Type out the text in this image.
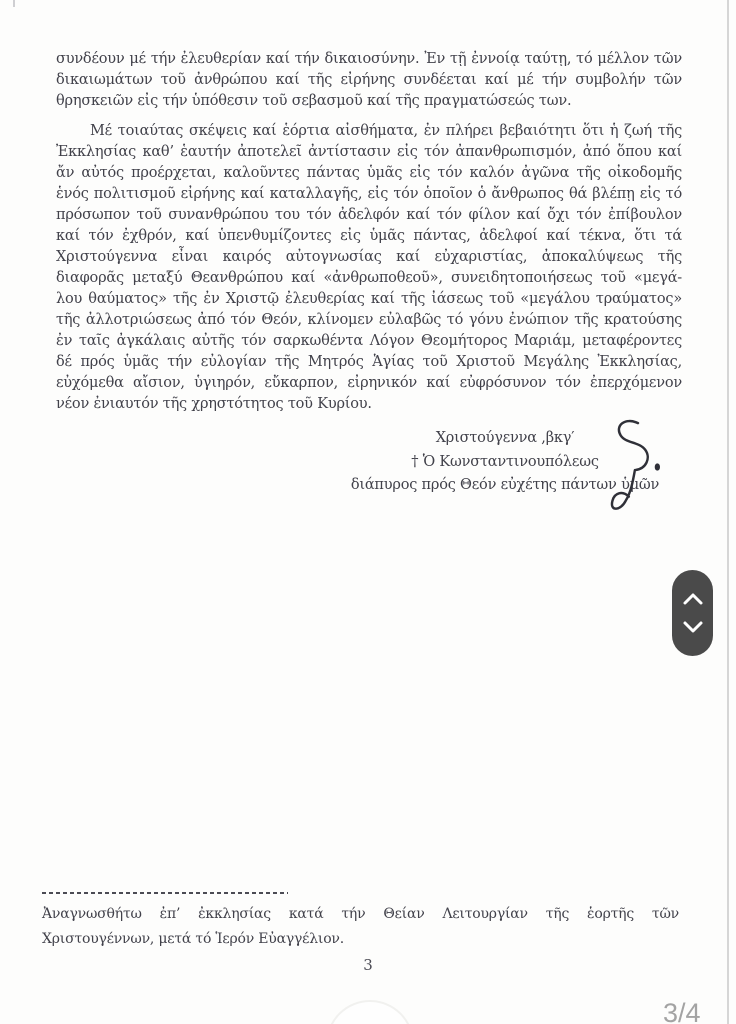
συνδέουν μέ τήν ἐλευθερίαν καί τήν δικαιοσύνην. Ἐν τῇ ἐννοίᾳ ταύτῃ, τό μέλλον τῶν
δικαιωμάτων τοῦ ἀνθρώπου καί τῆς εἰρήνης συνδέεται καί μέ τήν συμβολήν τῶν
θρησκειῶν εἰς τήν ὑπόθεσιν τοῦ σεβασμοῦ καί τῆς πραγματώσεώς των.
Μέ τοιαύτας σκέψεις καί ἑόρτια αἰσθήματα, ἐν πλήρει βεβαιότητι ὅτι ἡ ζωή τῆς
Ἐκκλησίας καθ’ ἑαυτήν ἀποτελεῖ ἀντίστασιν εἰς τόν ἀπανθρωπισμόν, ἀπό ὅπου καί
ἄν αὐτός προέρχεται, καλοῦντες πάντας ὑμᾶς εἰς τόν καλόν ἀγῶνα τῆς οἰκοδομῆς
ἑνός πολιτισμοῦ εἰρήνης καί καταλλαγῆς, εἰς τόν ὁποῖον ὁ ἄνθρωπος θά βλέπῃ εἰς τό
πρόσωπον τοῦ συνανθρώπου του τόν ἀδελφόν καί τόν φίλον καί ὄχι τόν ἐπίβουλον
καί τόν ἐχθρόν, καί ὑπενθυμίζοντες εἰς ὑμᾶς πάντας, ἀδελφοί καί τέκνα, ὅτι τά
Χριστούγεννα εἶναι καιρός αὐτογνωσίας καί εὐχαριστίας, ἀποκαλύψεως τῆς
διαφορᾶς μεταξύ Θεανθρώπου καί «ἀνθρωποθεοῦ», συνειδητοποιήσεως τοῦ «μεγά-
λου θαύματος» τῆς ἐν Χριστῷ ἐλευθερίας καί τῆς ἰάσεως τοῦ «μεγάλου τραύματος»
τῆς ἀλλοτριώσεως ἀπό τόν Θεόν, κλίνομεν εὐλαβῶς τό γόνυ ἐνώπιον τῆς κρατούσης
ἐν ταῖς ἀγκάλαις αὐτῆς τόν σαρκωθέντα Λόγον Θεομήτορος Μαριάμ, μεταφέροντες
δέ πρός ὑμᾶς τήν εὐλογίαν τῆς Μητρός Ἁγίας τοῦ Χριστοῦ Μεγάλης Ἐκκλησίας,
εὐχόμεθα αἴσιον, ὑγιηρόν, εὔκαρπον, εἰρηνικόν καί εὐφρόσυνον τόν ἐπερχόμενον
νέον ἐνιαυτόν τῆς χρηστότητος τοῦ Κυρίου.
Χριστούγεννα ,βκγ′
† Ὁ Κωνσταντινουπόλεως
διάπυρος πρός Θεόν εὐχέτης πάντων ὑμῶν
Ἀναγνωσθήτω ἐπ’ ἐκκλησίας κατά τήν Θείαν Λειτουργίαν τῆς ἑορτῆς τῶν
Χριστουγέννων, μετά τό Ἱερόν Εὐαγγέλιον.
3
3/4
